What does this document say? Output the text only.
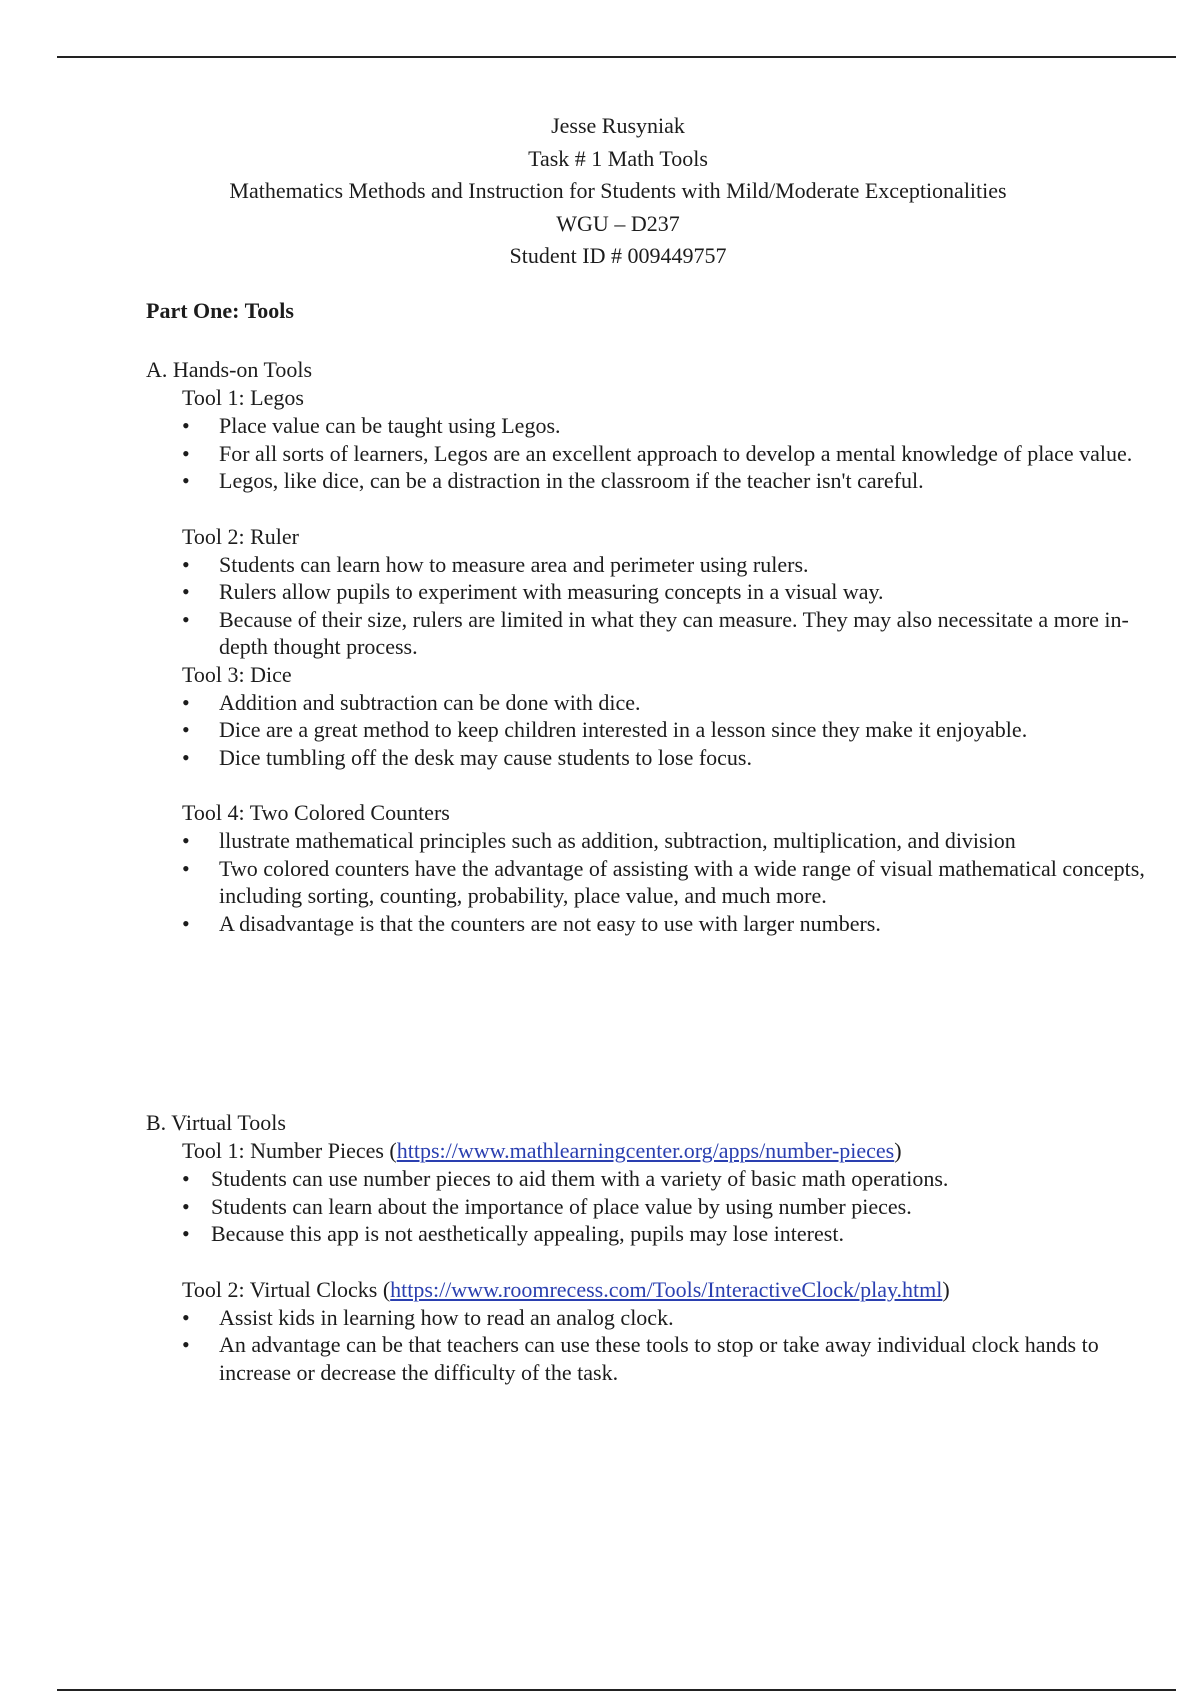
Jesse Rusyniak
Task # 1 Math Tools
Mathematics Methods and Instruction for Students with Mild/Moderate Exceptionalities
WGU – D237
Student ID # 009449757
Part One: Tools
A. Hands-on Tools
Tool 1: Legos
• Place value can be taught using Legos.
• For all sorts of learners, Legos are an excellent approach to develop a mental knowledge of place value.
• Legos, like dice, can be a distraction in the classroom if the teacher isn't careful.
Tool 2: Ruler
• Students can learn how to measure area and perimeter using rulers.
• Rulers allow pupils to experiment with measuring concepts in a visual way.
• Because of their size, rulers are limited in what they can measure. They may also necessitate a more in-depth thought process.
Tool 3: Dice
• Addition and subtraction can be done with dice.
• Dice are a great method to keep children interested in a lesson since they make it enjoyable.
• Dice tumbling off the desk may cause students to lose focus.
Tool 4: Two Colored Counters
• llustrate mathematical principles such as addition, subtraction, multiplication, and division
• Two colored counters have the advantage of assisting with a wide range of visual mathematical concepts, including sorting, counting, probability, place value, and much more.
• A disadvantage is that the counters are not easy to use with larger numbers.
B. Virtual Tools
Tool 1: Number Pieces (https://www.mathlearningcenter.org/apps/number-pieces)
• Students can use number pieces to aid them with a variety of basic math operations.
• Students can learn about the importance of place value by using number pieces.
• Because this app is not aesthetically appealing, pupils may lose interest.
Tool 2: Virtual Clocks (https://www.roomrecess.com/Tools/InteractiveClock/play.html)
• Assist kids in learning how to read an analog clock.
• An advantage can be that teachers can use these tools to stop or take away individual clock hands to increase or decrease the difficulty of the task.
